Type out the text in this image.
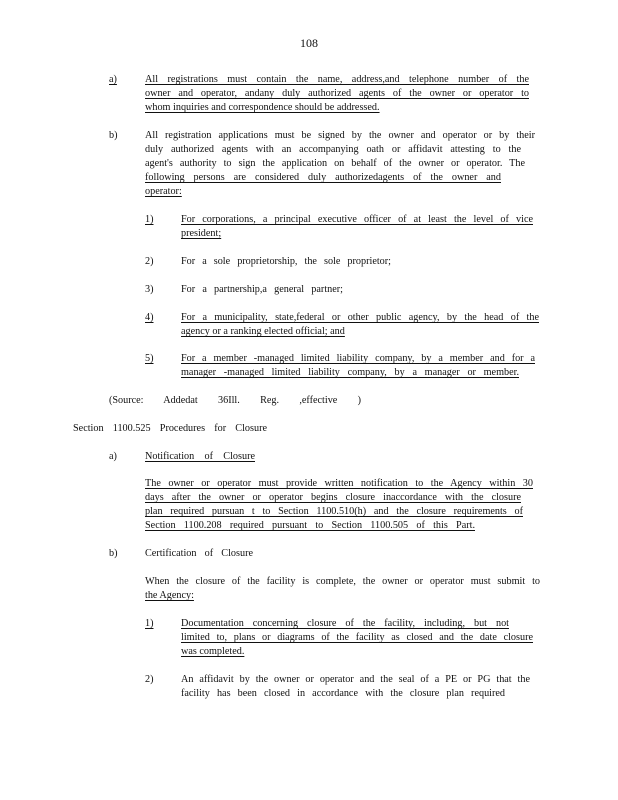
108
a)	All registrations must contain the name, address,and telephone number of the
owner and operator, andany duly authorized agents of the owner or operator to
whom inquiries and correspondence should be addressed.
b)	All registration applications must be signed by the owner and operator or by their
duly authorized agents with an accompanying oath or affidavit attesting to the
agent's authority to sign the application on behalf of the owner or operator. The
following persons are considered duly authorizedagents of the owner and
operator:
1)	For corporations, a principal executive officer of at least the level of vice
president;
2)	For a sole proprietorship, the sole proprietor;
3)	For a partnership,a general partner;
4)	For a municipality, state,federal or other public agency, by the head of the
agency or a ranking elected official; and
5)	For a member -managed limited liability company, by a member and for a
manager -managed limited liability company, by a manager or member.
(Source: Addedat 36Ill. Reg. ,effective )
Section 1100.525 Procedures for Closure
a)	Notification of Closure
The owner or operator must provide written notification to the Agency within 30
days after the owner or operator begins closure inaccordance with the closure
plan required pursuan t to Section 1100.510(h) and the closure requirements of
Section 1100.208 required pursuant to Section 1100.505 of this Part.
b)	Certification of Closure
When the closure of the facility is complete, the owner or operator must submit to
the Agency:
1)	Documentation concerning closure of the facility, including, but not
limited to, plans or diagrams of the facility as closed and the date closure
was completed.
2)	An affidavit by the owner or operator and the seal of a PE or PG that the
facility has been closed in accordance with the closure plan required
